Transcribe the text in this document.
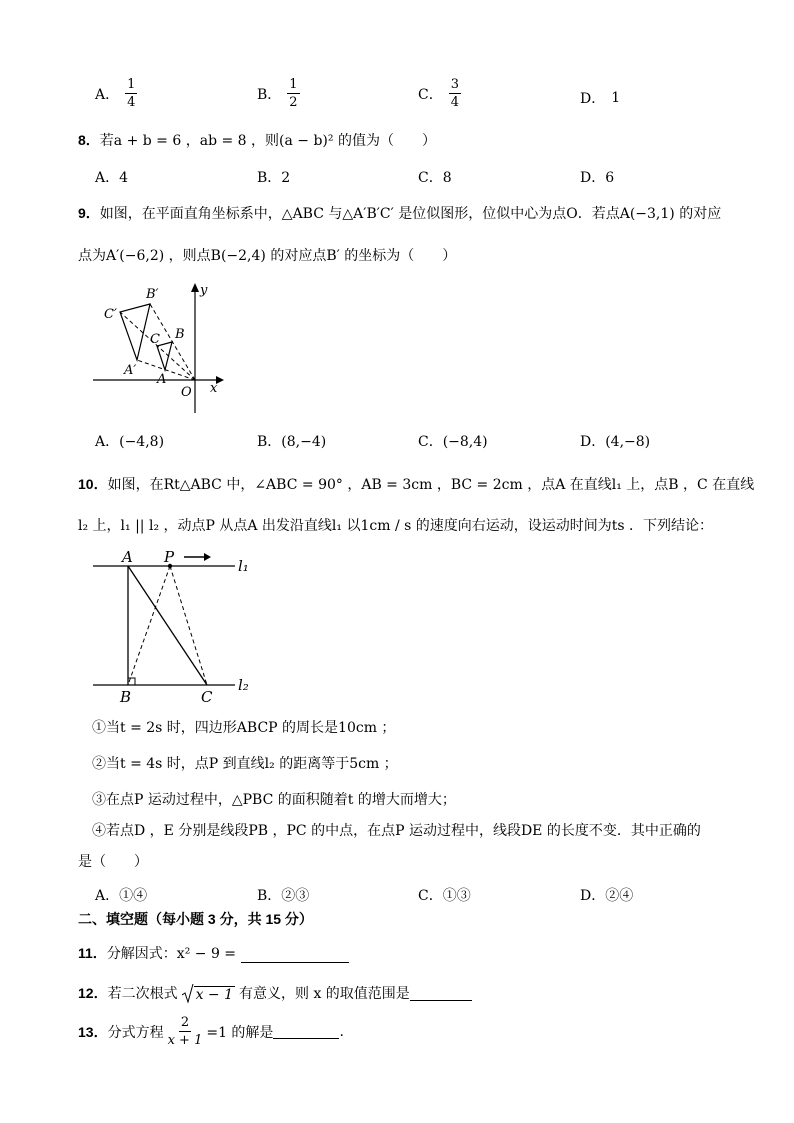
A． $\frac{1}{4}$	B． $\frac{1}{2}$	C． $\frac{3}{4}$	D． 1
8．若a + b = 6 ，ab = 8 ，则(a − b)² 的值为（　　）
A．4	B．2	C．8	D．6
9．如图，在平面直角坐标系中，△ABC 与△A′B′C′ 是位似图形，位似中心为点O．若点A(−3,1) 的对应
点为A′(−6,2) ，则点B(−2,4) 的对应点B′ 的坐标为（　　）
C′
B′
B
C
A′
A
O x
y
A．(−4,8)	B．(8,−4)	C．(−8,4)	D．(4,−8)
10．如图，在Rt△ABC 中，∠ABC = 90° ，AB = 3cm ，BC = 2cm ，点A 在直线l₁ 上，点B ，C 在直线
l₂ 上，l₁ || l₂ ，动点P 从点A 出发沿直线l₁ 以1cm / s 的速度向右运动，设运动时间为ts ．下列结论：
A P	l₁
B	C
l₂
①当t = 2s 时，四边形ABCP 的周长是10cm ；
②当t = 4s 时，点P 到直线l₂ 的距离等于5cm ；
③在点P 运动过程中，△PBC 的面积随着t 的增大而增大；
④若点D ，E 分别是线段PB ，PC 的中点，在点P 运动过程中，线段DE 的长度不变．其中正确的
是（　　）
A．①④	B．②③	C．①③	D．②④
二、填空题（每小题 3 分，共 15 分）
11．分解因式：x² − 9 =
12． 若二次根式 x − 1 有意义，则 x 的取值范围是
13． 分式方程 $\frac{2}{x + 1} =1$ 的解是	.
